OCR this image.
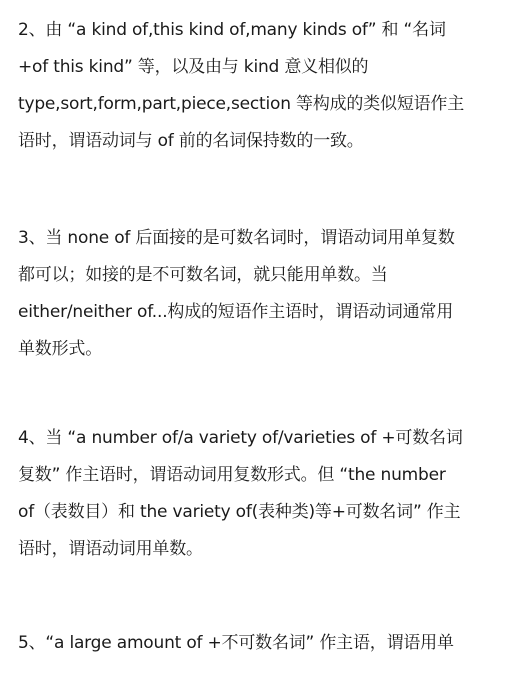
2、由 “a kind of,this kind of,many kinds of” 和 “名词
+of this kind” 等，以及由与 kind 意义相似的
type,sort,form,part,piece,section 等构成的类似短语作主
语时，谓语动词与 of 前的名词保持数的一致。
3、当 none of 后面接的是可数名词时，谓语动词用单复数
都可以；如接的是不可数名词，就只能用单数。当
either/neither of...构成的短语作主语时，谓语动词通常用
单数形式。
4、当 “a number of/a variety of/varieties of +可数名词
复数” 作主语时，谓语动词用复数形式。但 “the number
of（表数目）和 the variety of(表种类)等+可数名词” 作主
语时，谓语动词用单数。
5、“a large amount of +不可数名词” 作主语，谓语用单
